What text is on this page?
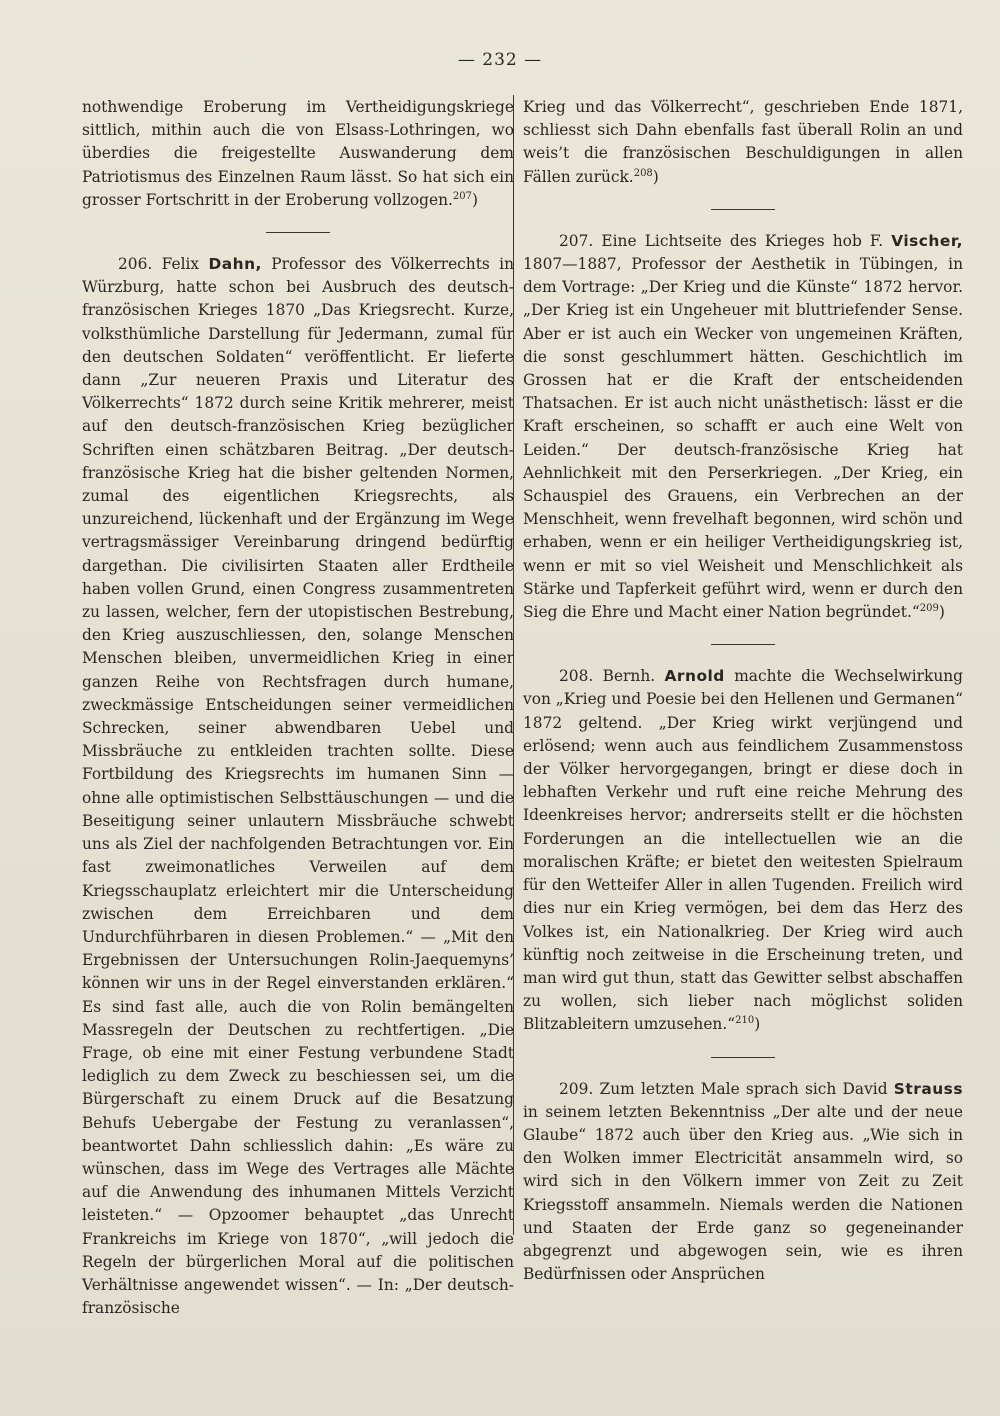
— 232 —

nothwendige Eroberung im Vertheidigungskriege sittlich, mithin auch die von Elsass-Lothringen, wo überdies die freigestellte Auswanderung dem Patriotismus des Einzelnen Raum lässt. So hat sich ein grosser Fortschritt in der Eroberung vollzogen.$^{207}$)

206. Felix Dahn, Professor des Völkerrechts in Würzburg, hatte schon bei Ausbruch des deutsch-französischen Krieges 1870 „Das Kriegsrecht. Kurze, volksthümliche Darstellung für Jedermann, zumal für den deutschen Soldaten“ veröffentlicht. Er lieferte dann „Zur neueren Praxis und Literatur des Völkerrechts“ 1872 durch seine Kritik mehrerer, meist auf den deutsch-französischen Krieg bezüglicher Schriften einen schätzbaren Beitrag. „Der deutsch-französische Krieg hat die bisher geltenden Normen, zumal des eigentlichen Kriegsrechts, als unzureichend, lückenhaft und der Ergänzung im Wege vertragsmässiger Vereinbarung dringend bedürftig dargethan. Die civilisirten Staaten aller Erdtheile haben vollen Grund, einen Congress zusammentreten zu lassen, welcher, fern der utopistischen Bestrebung, den Krieg auszuschliessen, den, solange Menschen Menschen bleiben, unvermeidlichen Krieg in einer ganzen Reihe von Rechtsfragen durch humane, zweckmässige Entscheidungen seiner vermeidlichen Schrecken, seiner abwendbaren Uebel und Missbräuche zu entkleiden trachten sollte. Diese Fortbildung des Kriegsrechts im humanen Sinn — ohne alle optimistischen Selbsttäuschungen — und die Beseitigung seiner unlautern Missbräuche schwebt uns als Ziel der nachfolgenden Betrachtungen vor. Ein fast zweimonatliches Verweilen auf dem Kriegsschauplatz erleichtert mir die Unterscheidung zwischen dem Erreichbaren und dem Undurchführbaren in diesen Problemen.“ — „Mit den Ergebnissen der Untersuchungen Rolin-Jaequemyns’ können wir uns in der Regel einverstanden erklären.“ Es sind fast alle, auch die von Rolin bemängelten Massregeln der Deutschen zu rechtfertigen. „Die Frage, ob eine mit einer Festung verbundene Stadt lediglich zu dem Zweck zu beschiessen sei, um die Bürgerschaft zu einem Druck auf die Besatzung Behufs Uebergabe der Festung zu veranlassen“, beantwortet Dahn schliesslich dahin: „Es wäre zu wünschen, dass im Wege des Vertrages alle Mächte auf die Anwendung des inhumanen Mittels Verzicht leisteten.“ — Opzoomer behauptet „das Unrecht Frankreichs im Kriege von 1870“, „will jedoch die Regeln der bürgerlichen Moral auf die politischen Verhältnisse angewendet wissen“. — In: „Der deutsch-französische

Krieg und das Völkerrecht“, geschrieben Ende 1871, schliesst sich Dahn ebenfalls fast überall Rolin an und weis’t die französischen Beschuldigungen in allen Fällen zurück.$^{208}$)

207. Eine Lichtseite des Krieges hob F. Vischer, 1807—1887, Professor der Aesthetik in Tübingen, in dem Vortrage: „Der Krieg und die Künste“ 1872 hervor. „Der Krieg ist ein Ungeheuer mit bluttriefender Sense. Aber er ist auch ein Wecker von ungemeinen Kräften, die sonst geschlummert hätten. Geschichtlich im Grossen hat er die Kraft der entscheidenden Thatsachen. Er ist auch nicht unästhetisch: lässt er die Kraft erscheinen, so schafft er auch eine Welt von Leiden.“ Der deutsch-französische Krieg hat Aehnlichkeit mit den Perserkriegen. „Der Krieg, ein Schauspiel des Grauens, ein Verbrechen an der Menschheit, wenn frevelhaft begonnen, wird schön und erhaben, wenn er ein heiliger Vertheidigungskrieg ist, wenn er mit so viel Weisheit und Menschlichkeit als Stärke und Tapferkeit geführt wird, wenn er durch den Sieg die Ehre und Macht einer Nation begründet.“$^{209}$)

208. Bernh. Arnold machte die Wechselwirkung von „Krieg und Poesie bei den Hellenen und Germanen“ 1872 geltend. „Der Krieg wirkt verjüngend und erlösend; wenn auch aus feindlichem Zusammenstoss der Völker hervorgegangen, bringt er diese doch in lebhaften Verkehr und ruft eine reiche Mehrung des Ideenkreises hervor; andrerseits stellt er die höchsten Forderungen an die intellectuellen wie an die moralischen Kräfte; er bietet den weitesten Spielraum für den Wetteifer Aller in allen Tugenden. Freilich wird dies nur ein Krieg vermögen, bei dem das Herz des Volkes ist, ein Nationalkrieg. Der Krieg wird auch künftig noch zeitweise in die Erscheinung treten, und man wird gut thun, statt das Gewitter selbst abschaffen zu wollen, sich lieber nach möglichst soliden Blitzableitern umzusehen.“$^{210}$)

209. Zum letzten Male sprach sich David Strauss in seinem letzten Bekenntniss „Der alte und der neue Glaube“ 1872 auch über den Krieg aus. „Wie sich in den Wolken immer Electricität ansammeln wird, so wird sich in den Völkern immer von Zeit zu Zeit Kriegsstoff ansammeln. Niemals werden die Nationen und Staaten der Erde ganz so gegeneinander abgegrenzt und abgewogen sein, wie es ihren Bedürfnissen oder Ansprüchen
